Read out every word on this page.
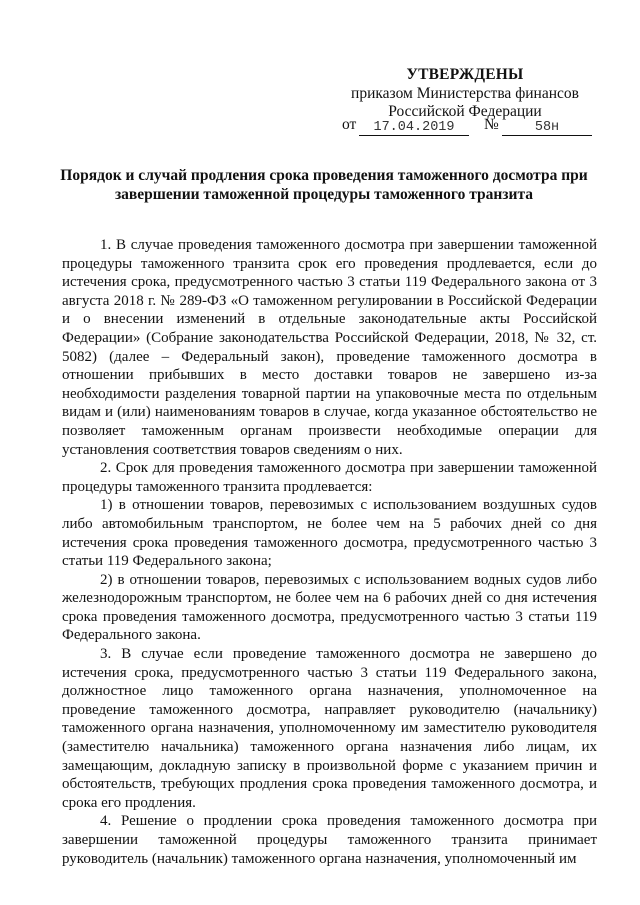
УТВЕРЖДЕНЫ
приказом Министерства финансов
Российской Федерации
от	17.04.2019	№	58н
Порядок и случай продления срока проведения таможенного досмотра при завершении таможенной процедуры таможенного транзита

1. В случае проведения таможенного досмотра при завершении таможенной процедуры таможенного транзита срок его проведения продлевается, если до истечения срока, предусмотренного частью 3 статьи 119 Федерального закона от 3 августа 2018 г. № 289-ФЗ «О таможенном регулировании в Российской Федерации и о внесении изменений в отдельные законодательные акты Российской Федерации» (Собрание законодательства Российской Федерации, 2018, № 32, ст. 5082) (далее – Федеральный закон), проведение таможенного досмотра в отношении прибывших в место доставки товаров не завершено из-за необходимости разделения товарной партии на упаковочные места по отдельным видам и (или) наименованиям товаров в случае, когда указанное обстоятельство не позволяет таможенным органам произвести необходимые операции для установления соответствия товаров сведениям о них.

2. Срок для проведения таможенного досмотра при завершении таможенной процедуры таможенного транзита продлевается:

1) в отношении товаров, перевозимых с использованием воздушных судов либо автомобильным транспортом, не более чем на 5 рабочих дней со дня истечения срока проведения таможенного досмотра, предусмотренного частью 3 статьи 119 Федерального закона;

2) в отношении товаров, перевозимых с использованием водных судов либо железнодорожным транспортом, не более чем на 6 рабочих дней со дня истечения срока проведения таможенного досмотра, предусмотренного частью 3 статьи 119 Федерального закона.

3. В случае если проведение таможенного досмотра не завершено до истечения срока, предусмотренного частью 3 статьи 119 Федерального закона, должностное лицо таможенного органа назначения, уполномоченное на проведение таможенного досмотра, направляет руководителю (начальнику) таможенного органа назначения, уполномоченному им заместителю руководителя (заместителю начальника) таможенного органа назначения либо лицам, их замещающим, докладную записку в произвольной форме с указанием причин и обстоятельств, требующих продления срока проведения таможенного досмотра, и срока его продления.

4. Решение о продлении срока проведения таможенного досмотра при завершении таможенной процедуры таможенного транзита принимает руководитель (начальник) таможенного органа назначения, уполномоченный им
